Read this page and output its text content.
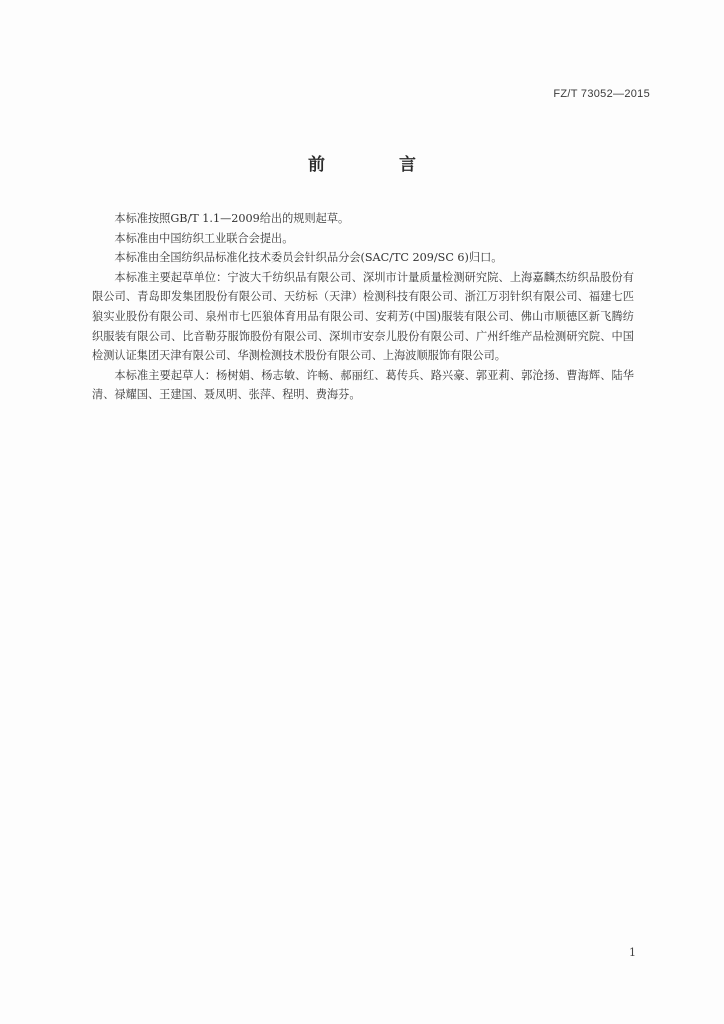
FZ/T 73052—2015
前 言

本标准按照GB/T 1.1—2009给出的规则起草。

本标准由中国纺织工业联合会提出。

本标准由全国纺织品标准化技术委员会针织品分会(SAC/TC 209/SC 6)归口。

本标准主要起草单位：宁波大千纺织品有限公司、深圳市计量质量检测研究院、上海嘉麟杰纺织品股份有限公司、青岛即发集团股份有限公司、天纺标（天津）检测科技有限公司、浙江万羽针织有限公司、福建七匹狼实业股份有限公司、泉州市七匹狼体育用品有限公司、安莉芳(中国)服装有限公司、佛山市顺德区新飞腾纺织服装有限公司、比音勒芬服饰股份有限公司、深圳市安奈儿股份有限公司、广州纤维产品检测研究院、中国检测认证集团天津有限公司、华测检测技术股份有限公司、上海波顺服饰有限公司。

本标准主要起草人：杨树娟、杨志敏、许畅、郝丽红、葛传兵、路兴豪、郭亚莉、郭沧扬、曹海辉、陆华清、禄耀国、王建国、聂凤明、张萍、程明、费海芬。

1
